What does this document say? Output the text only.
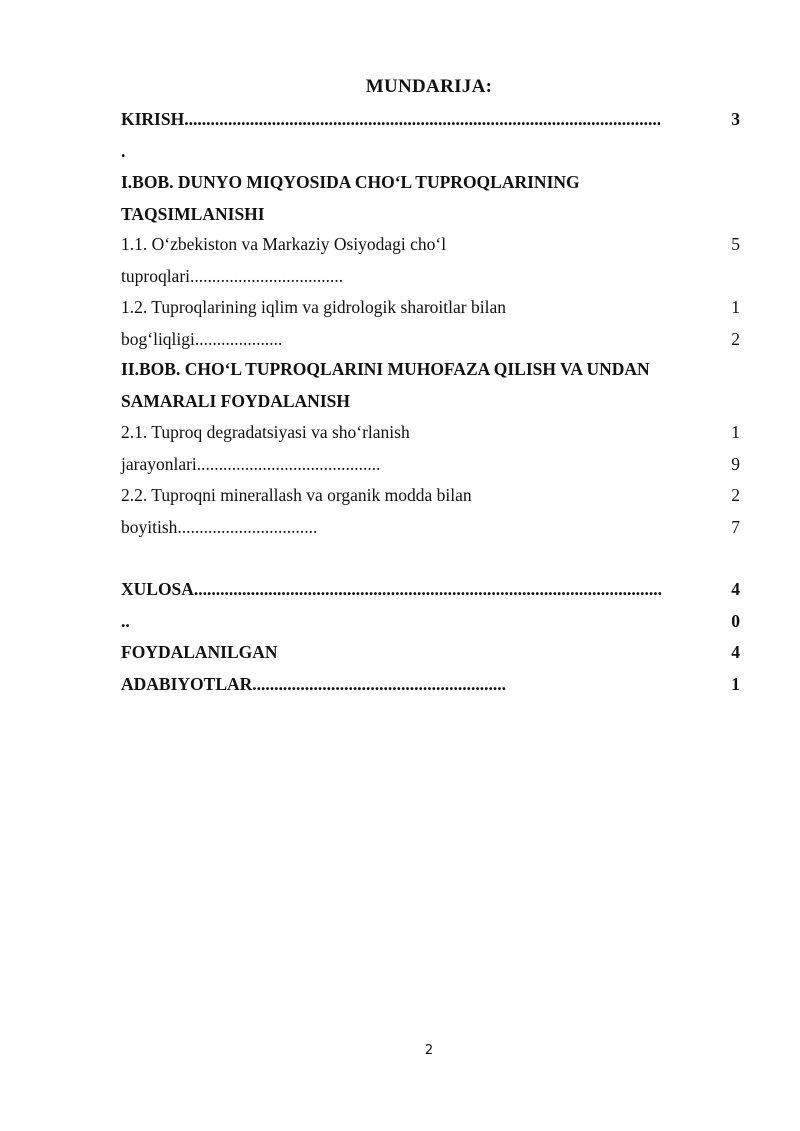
MUNDARIJA:
KIRISH.............................................................................................................	3
.
I.BOB. DUNYO MIQYOSIDA CHO‘L TUPROQLARINING
TAQSIMLANISHI
1.1. O‘zbekiston va Markaziy Osiyodagi cho‘l	5
tuproqlari...................................
1.2. Tuproqlarining iqlim va gidrologik sharoitlar bilan	1
bog‘liqligi....................	2
II.BOB. CHO‘L TUPROQLARINI MUHOFAZA QILISH VA UNDAN
SAMARALI FOYDALANISH
2.1. Tuproq degradatsiyasi va sho‘rlanish	1
jarayonlari..........................................	9
2.2. Tuproqni minerallash va organik modda bilan	2
boyitish................................	7
XULOSA...........................................................................................................	4
..	0
FOYDALANILGAN	4
ADABIYOTLAR..........................................................	1
2
